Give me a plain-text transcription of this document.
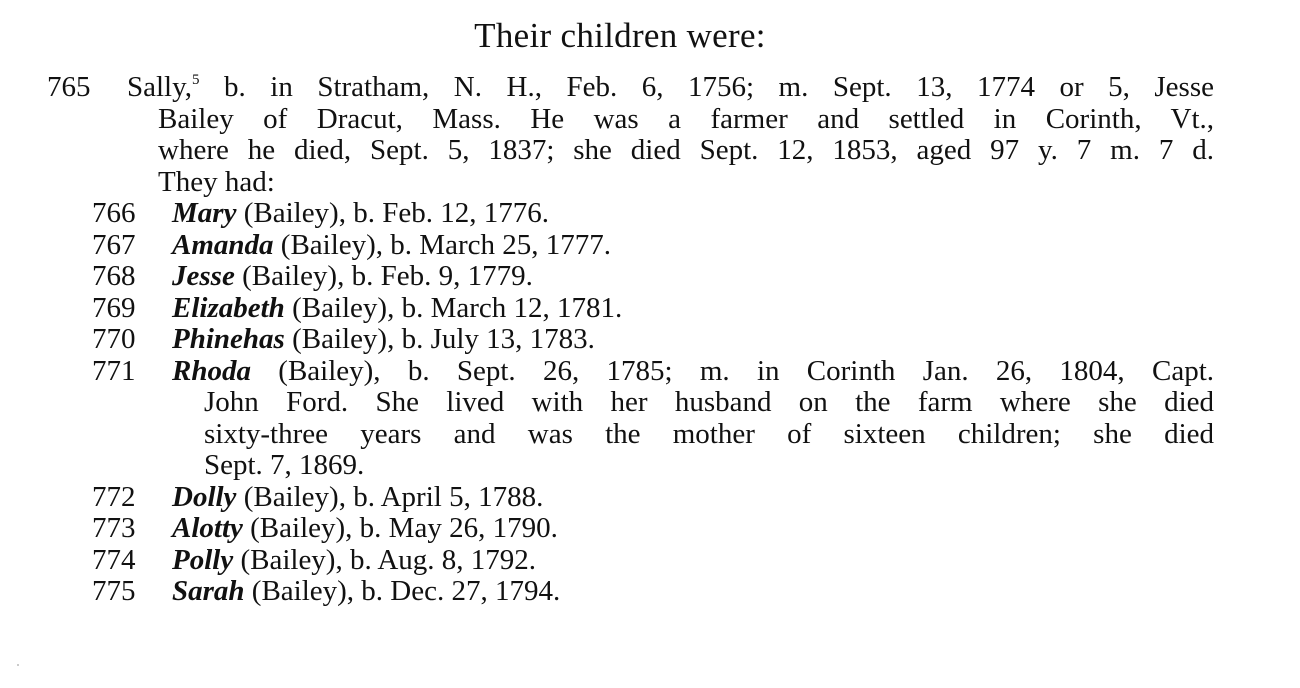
Their children were:
765 Sally,$^5$ b. in Stratham, N. H., Feb. 6, 1756; m. Sept. 13, 1774 or 5, Jesse
Bailey of Dracut, Mass. He was a farmer and settled in Corinth, Vt.,
where he died, Sept. 5, 1837; she died Sept. 12, 1853, aged 97 y. 7 m. 7 d.
They had:
766 Mary (Bailey), b. Feb. 12, 1776.
767 Amanda (Bailey), b. March 25, 1777.
768 Jesse (Bailey), b. Feb. 9, 1779.
769 Elizabeth (Bailey), b. March 12, 1781.
770 Phinehas (Bailey), b. July 13, 1783.
771 Rhoda (Bailey), b. Sept. 26, 1785; m. in Corinth Jan. 26, 1804, Capt.
John Ford. She lived with her husband on the farm where she died
sixty-three years and was the mother of sixteen children; she died
Sept. 7, 1869.
772 Dolly (Bailey), b. April 5, 1788.
773 Alotty (Bailey), b. May 26, 1790.
774 Polly (Bailey), b. Aug. 8, 1792.
775 Sarah (Bailey), b. Dec. 27, 1794.
